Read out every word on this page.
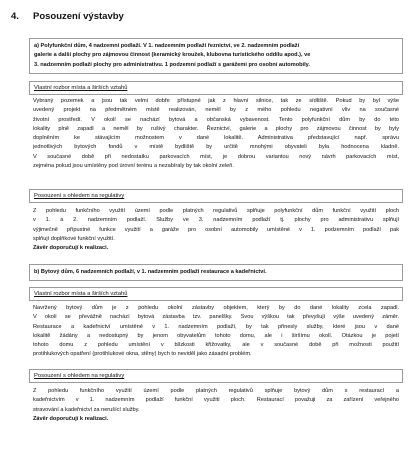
4. Posouzení výstavby
a) Polyfunkční dům, 4 nadzemní podlaží. V 1. nadzemním podlaží řeznictví, ve 2. nadzemním podlaží
galerie a další plochy pro zájmovou činnost (keramický kroužek, klubovna turistického oddílu apod.), ve
3. nadzemním podlaží plochy pro administrativu. 1 podzemní podlaží s garážemi pro osobní automobily.
Vlastní rozbor místa a širších vztahů
Vybraný pozemek a jsou tak velmi dobře přístupné jak z hlavní silnice, tak ze sídliště. Pokud by byl výše
uvedený projekt na předmětném místě realizován, neměl by z mého pohledu negativní vliv na současné
životní prostředí. V okolí se nachází bytová a občanská vybavenost. Tento polyfunkční dům by do této
lokality plně zapadl a neměl by rušivý charakter. Řeznictví, galerie a plochy pro zájmovou činnost by byly
doplněním ke stávajícím možnostem v dané lokalitě. Administrativa představující např. správu
jednotlivých bytových fondů v místě bydliště by určitě mnohými obyvateli byla hodnocena kladně.
V současné době při nedostatku parkovacích míst, je dobrou variantou nový návrh parkovacích míst,
zejména pokud jsou umístěny pod úrovní terénu a nezabíraly by tak okolní zeleň.
Posouzení s ohledem na regulativy
Z pohledu funkčního využití území podle platných regulativů splňuje polyfunkční dům funkční využití ploch
v 1. a 2. nadzemním podlaží. Služby ve 3. nadzemním podlaží tj. plochy pro administrativu splňují
výjimečně přípustné funkce využití a garáže pro osobní automobily umístěné v 1. podzemním podlaží pak
splňují doplňkové funkční využití.
Závěr doporučují k realizaci.
b) Bytový dům, 6 nadzemních podlaží, v 1. nadzemním podlaží restaurace a kadeřnictví.
Vlastní rozbor místa a širších vztahů
Navržený bytový dům je z pohledu okolní zástavby objektem, který by do dané lokality zcela zapadl.
V okolí se převážně nachází bytová zástavba tzv. panelšky. Svou výškou tak převyšují výše uvedený záměr.
Restaurace a kadeřnictví umístěné v 1. nadzemním podlaží, by tak přinesly služby, které jsou v dané
lokalitě žádány a nedostupný by jenom obyvatelům tohoto domu, ale i širšímu okolí. Otázkou je pojetí
tohoto domu z pohledu umístění v blízkosti křižovatky, ale v současné době při možnosti použití
protihlukových opatření (protihlukové okna, stěny) bych to neviděl jako zásadní problém.
Posouzení s ohledem na regulativy
Z pohledu funkčního využití území podle platných regulativů splňuje bytový dům s restaurací a
kadeřnictvím v 1. nadzemním podlaží funkční využití ploch. Restaurací považuji za zařízení veřejného
stravování a kadeřnictví za nerušící služby.
Závěr doporučují k realizaci.
